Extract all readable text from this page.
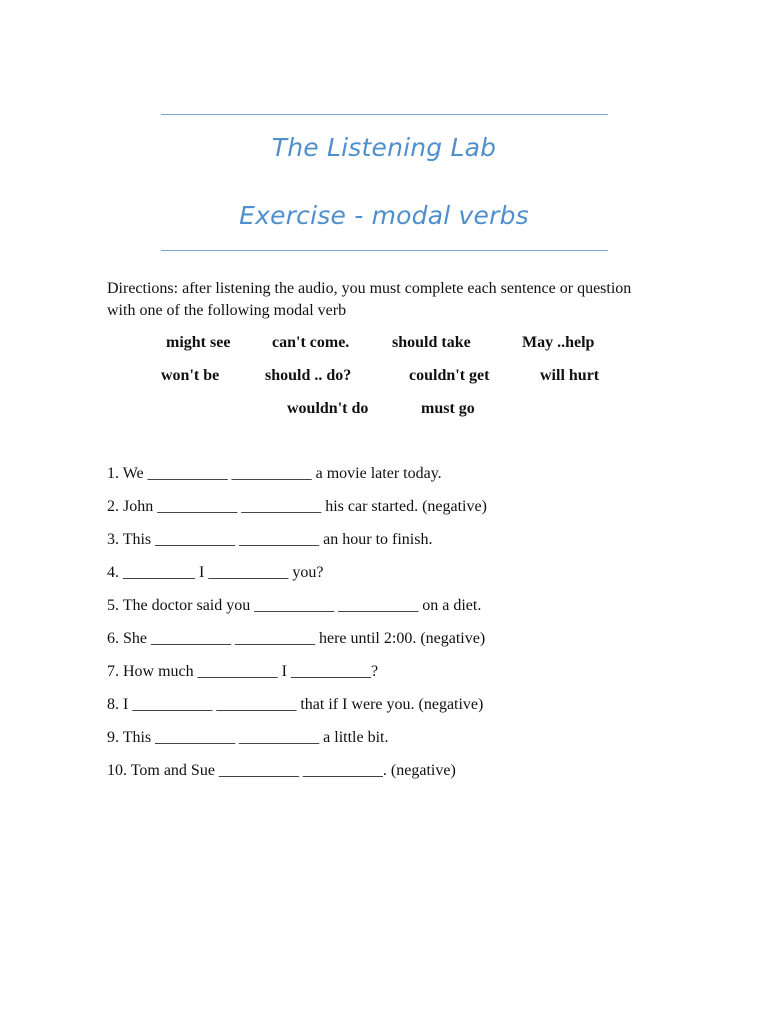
The Listening Lab
Exercise - modal verbs
Directions: after listening the audio, you must complete each sentence or question with one of the following modal verb
might see	can't come.	should take	May ..help
won't be	should .. do?	couldn't get	will hurt
wouldn't do	must go
1. We __________ __________ a movie later today.
2. John __________ __________ his car started. (negative)
3. This __________ __________ an hour to finish.
4. _________ I __________ you?
5. The doctor said you __________ __________ on a diet.
6. She __________ __________ here until 2:00. (negative)
7. How much __________ I __________?
8. I __________ __________ that if I were you. (negative)
9. This __________ __________ a little bit.
10. Tom and Sue __________ __________. (negative)
